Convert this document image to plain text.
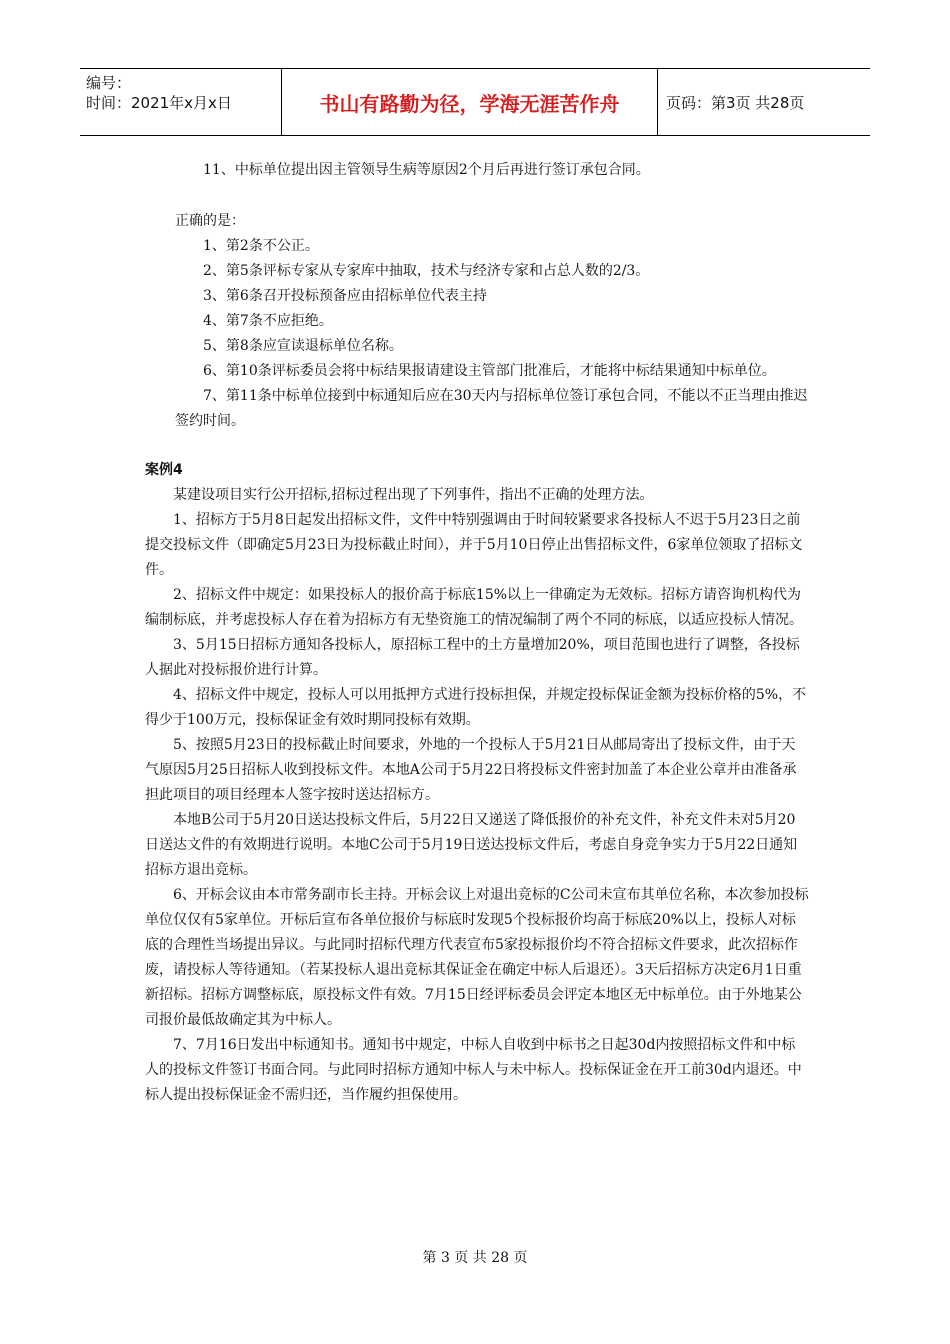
编号：
时间：2021年x月x日	书山有路勤为径，学海无涯苦作舟	页码：第3页 共28页

11、中标单位提出因主管领导生病等原因2个月后再进行签订承包合同。

正确的是：

1、第2条不公正。

2、第5条评标专家从专家库中抽取，技术与经济专家和占总人数的2/3。

3、第6条召开投标预备应由招标单位代表主持

4、第7条不应拒绝。

5、第8条应宣读退标单位名称。

6、第10条评标委员会将中标结果报请建设主管部门批准后，才能将中标结果通知中标单位。

7、第11条中标单位接到中标通知后应在30天内与招标单位签订承包合同，不能以不正当理由推迟签约时间。

案例4

某建设项目实行公开招标,招标过程出现了下列事件，指出不正确的处理方法。

1、招标方于5月8日起发出招标文件，文件中特别强调由于时间较紧要求各投标人不迟于5月23日之前提交投标文件（即确定5月23日为投标截止时间），并于5月10日停止出售招标文件，6家单位领取了招标文件。

2、招标文件中规定：如果投标人的报价高于标底15%以上一律确定为无效标。招标方请咨询机构代为编制标底，并考虑投标人存在着为招标方有无垫资施工的情况编制了两个不同的标底，以适应投标人情况。

3、5月15日招标方通知各投标人，原招标工程中的土方量增加20%，项目范围也进行了调整，各投标人据此对投标报价进行计算。

4、招标文件中规定，投标人可以用抵押方式进行投标担保，并规定投标保证金额为投标价格的5%，不得少于100万元，投标保证金有效时期同投标有效期。

5、按照5月23日的投标截止时间要求，外地的一个投标人于5月21日从邮局寄出了投标文件，由于天气原因5月25日招标人收到投标文件。本地A公司于5月22日将投标文件密封加盖了本企业公章并由准备承担此项目的项目经理本人签字按时送达招标方。

本地B公司于5月20日送达投标文件后，5月22日又递送了降低报价的补充文件，补充文件未对5月20日送达文件的有效期进行说明。本地C公司于5月19日送达投标文件后，考虑自身竞争实力于5月22日通知招标方退出竞标。

6、开标会议由本市常务副市长主持。开标会议上对退出竞标的C公司未宣布其单位名称，本次参加投标单位仅仅有5家单位。开标后宣布各单位报价与标底时发现5个投标报价均高于标底20%以上，投标人对标底的合理性当场提出异议。与此同时招标代理方代表宣布5家投标报价均不符合招标文件要求，此次招标作废，请投标人等待通知。（若某投标人退出竞标其保证金在确定中标人后退还）。3天后招标方决定6月1日重新招标。招标方调整标底，原投标文件有效。7月15日经评标委员会评定本地区无中标单位。由于外地某公司报价最低故确定其为中标人。

7、7月16日发出中标通知书。通知书中规定，中标人自收到中标书之日起30d内按照招标文件和中标人的投标文件签订书面合同。与此同时招标方通知中标人与未中标人。投标保证金在开工前30d内退还。中标人提出投标保证金不需归还，当作履约担保使用。

第 3 页 共 28 页
